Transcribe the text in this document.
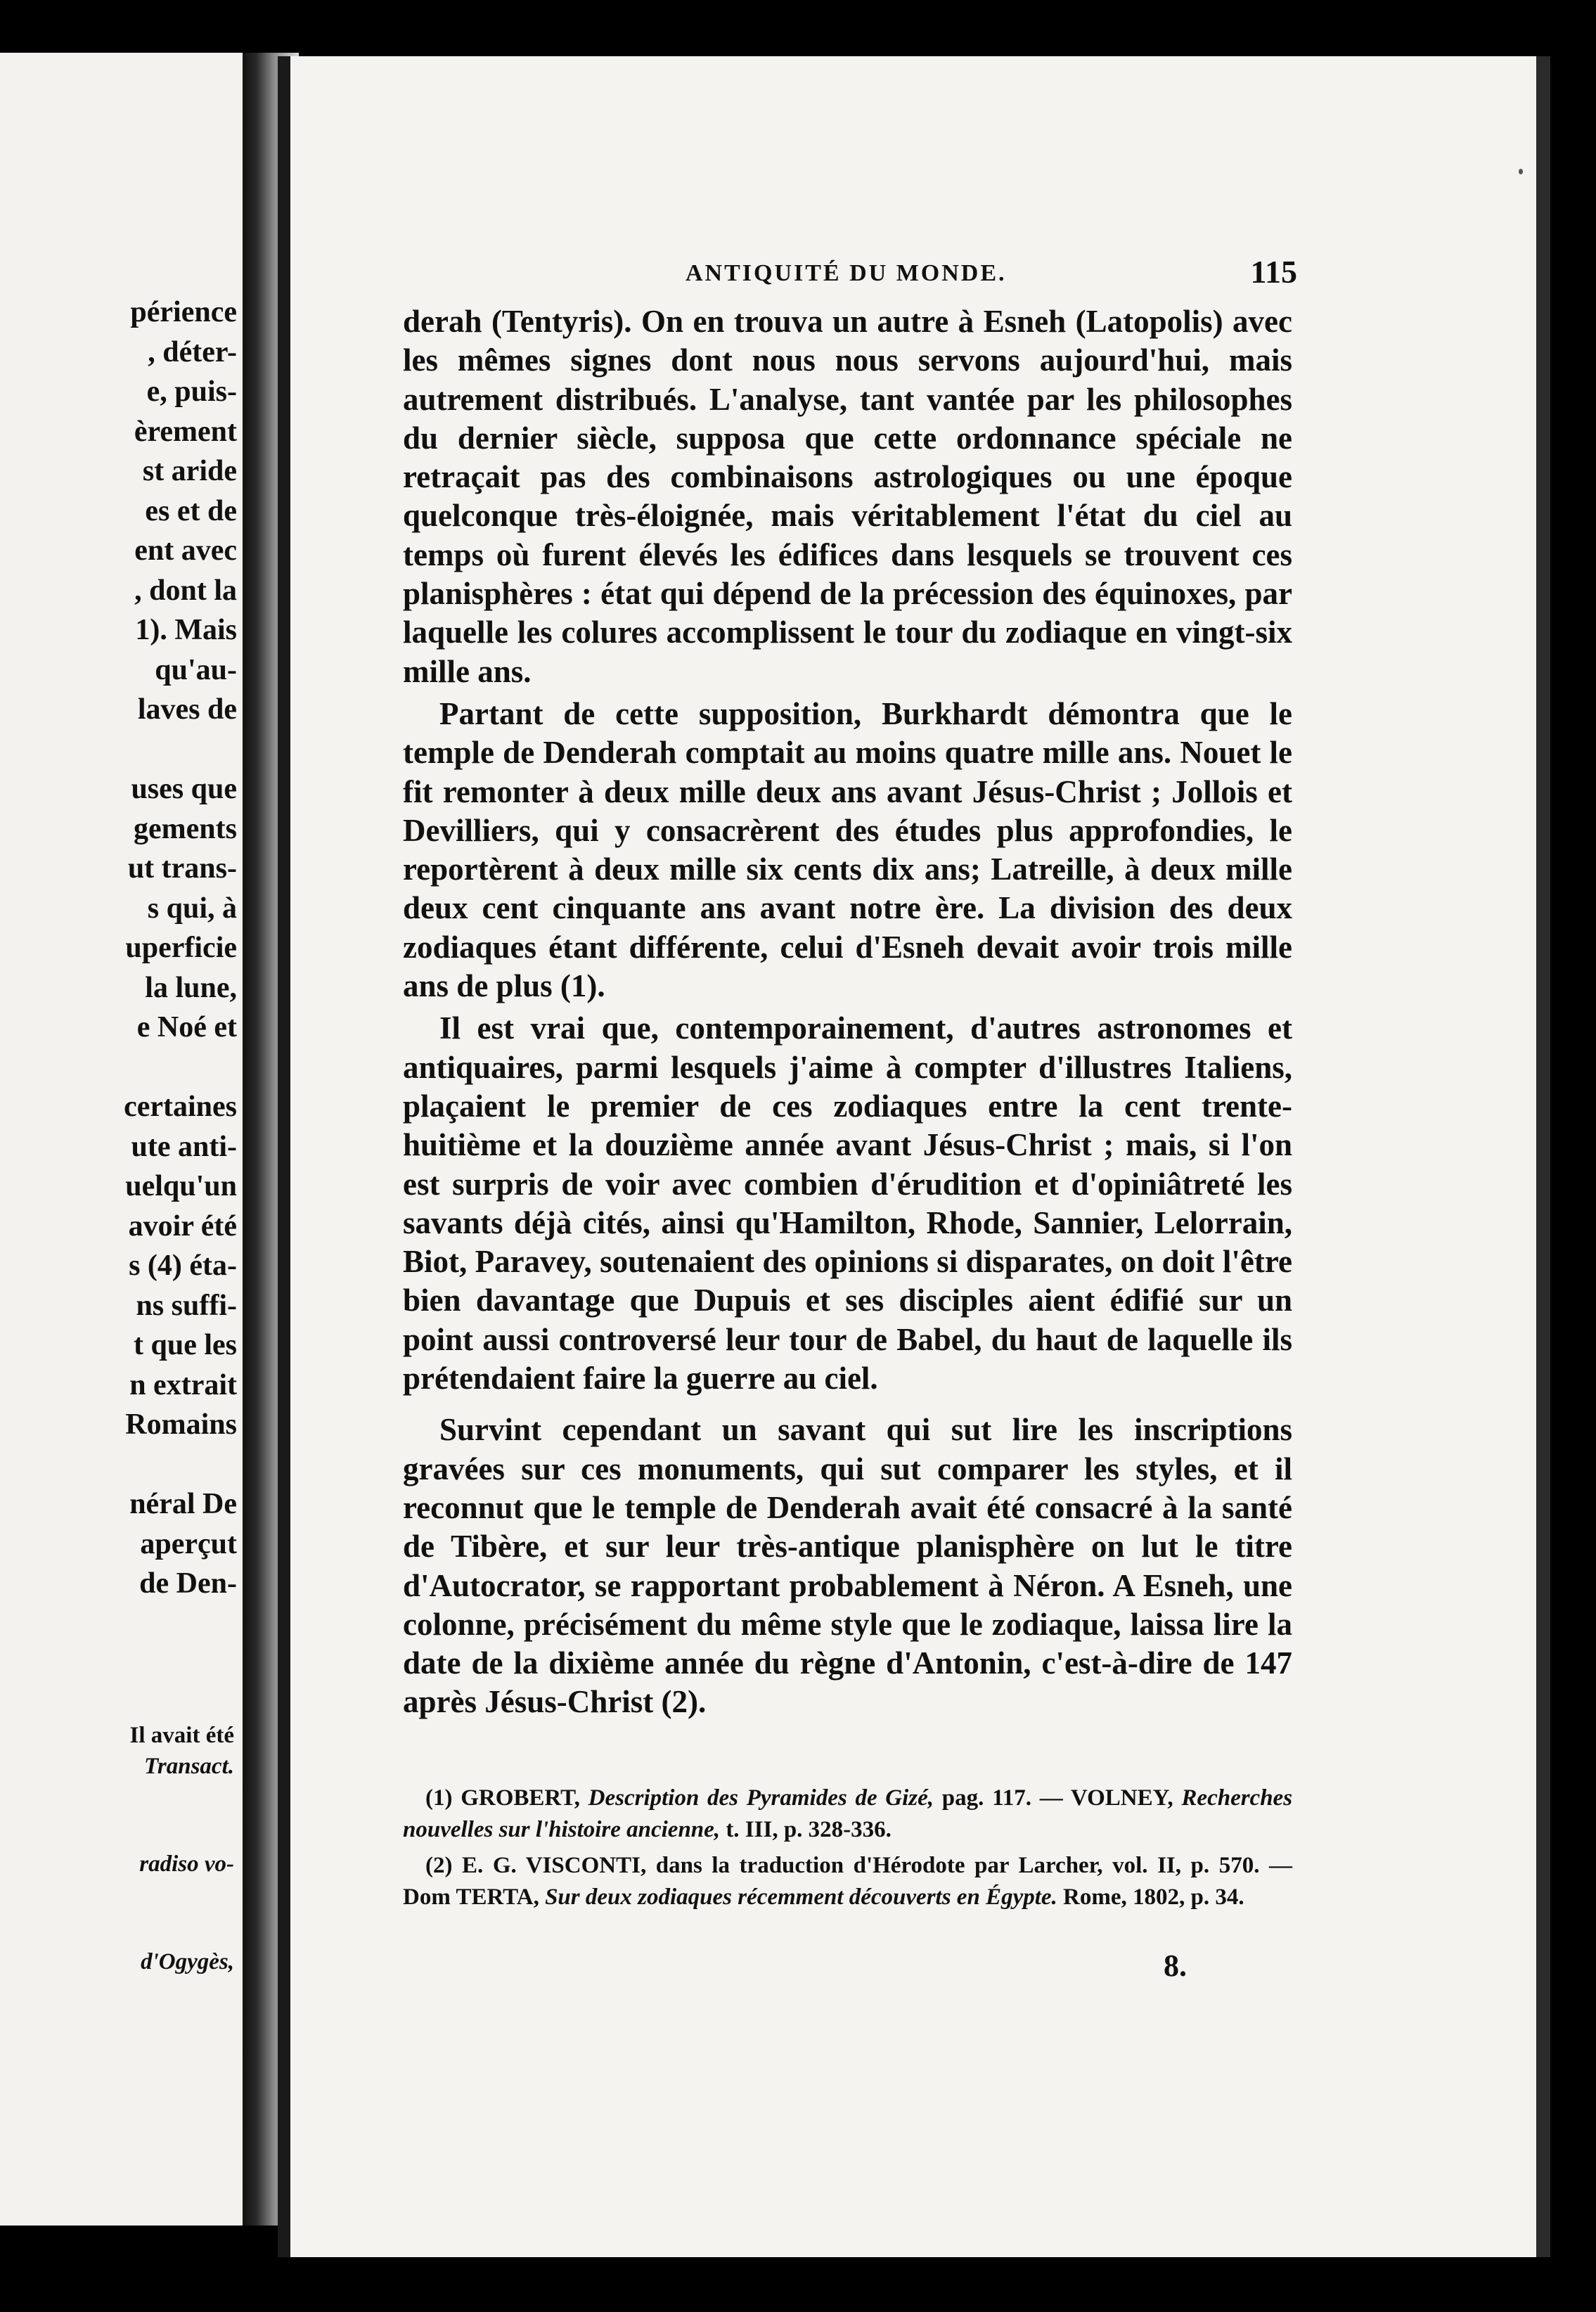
périence
, déter-
e, puis-
èrement
st aride
es et de
ent avec
, dont la
1). Mais
qu'au-
laves de
uses que
gements
ut trans-
s qui, à
uperficie
la lune,
e Noé et
certaines
ute anti-
uelqu'un
avoir été
s (4) éta-
ns suffi-
t que les
n extrait
Romains
néral De
aperçut
de Den-
Il avait été
Transact.
radiso vo-
d'Ogygès,
ANTIQUITÉ DU MONDE.	115

derah (Tentyris). On en trouva un autre à Esneh (Latopolis) avec les mêmes signes dont nous nous servons aujourd'hui, mais autrement distribués. L'analyse, tant vantée par les philosophes du dernier siècle, supposa que cette ordonnance spéciale ne retraçait pas des combinaisons astrologiques ou une époque quelconque très-éloignée, mais véritablement l'état du ciel au temps où furent élevés les édifices dans lesquels se trouvent ces planisphères : état qui dépend de la précession des équinoxes, par laquelle les colures accomplissent le tour du zodiaque en vingt-six mille ans.

Partant de cette supposition, Burkhardt démontra que le temple de Denderah comptait au moins quatre mille ans. Nouet le fit remonter à deux mille deux ans avant Jésus-Christ ; Jollois et Devilliers, qui y consacrèrent des études plus approfondies, le reportèrent à deux mille six cents dix ans; Latreille, à deux mille deux cent cinquante ans avant notre ère. La division des deux zodiaques étant différente, celui d'Esneh devait avoir trois mille ans de plus (1).

Il est vrai que, contemporainement, d'autres astronomes et antiquaires, parmi lesquels j'aime à compter d'illustres Italiens, plaçaient le premier de ces zodiaques entre la cent trente-huitième et la douzième année avant Jésus-Christ ; mais, si l'on est surpris de voir avec combien d'érudition et d'opiniâtreté les savants déjà cités, ainsi qu'Hamilton, Rhode, Sannier, Lelorrain, Biot, Paravey, soutenaient des opinions si disparates, on doit l'être bien davantage que Dupuis et ses disciples aient édifié sur un point aussi controversé leur tour de Babel, du haut de laquelle ils prétendaient faire la guerre au ciel.

Survint cependant un savant qui sut lire les inscriptions gravées sur ces monuments, qui sut comparer les styles, et il reconnut que le temple de Denderah avait été consacré à la santé de Tibère, et sur leur très-antique planisphère on lut le titre d'Autocrator, se rapportant probablement à Néron. A Esneh, une colonne, précisément du même style que le zodiaque, laissa lire la date de la dixième année du règne d'Antonin, c'est-à-dire de 147 après Jésus-Christ (2).

(1) GROBERT, Description des Pyramides de Gizé, pag. 117. — VOLNEY, Recherches nouvelles sur l'histoire ancienne, t. III, p. 328-336.

(2) E. G. VISCONTI, dans la traduction d'Hérodote par Larcher, vol. II, p. 570. — Dom TERTA, Sur deux zodiaques récemment découverts en Égypte. Rome, 1802, p. 34.

8.
